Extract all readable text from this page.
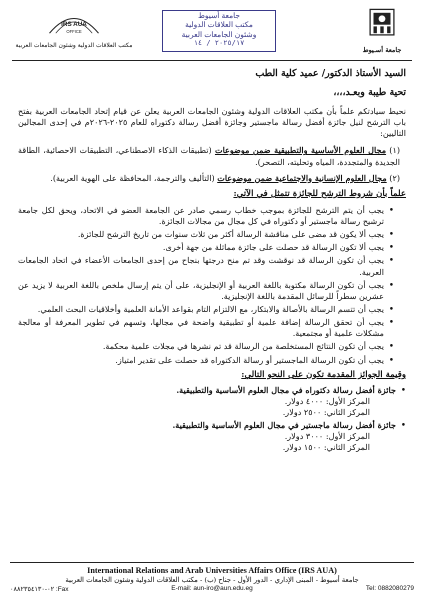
جامعة أسـيوط
جامعة أسيوط
مكتب العلاقات الدولية
وشئون الجامعات العربية
٢٠٢٥/١٧ / ١٤
IRS AUA
OFFICE
مكتب العلاقات الدولية وشئون الجامعات العربية
السيد الأستاذ الدكتور/ عميد كلية الطب
تحية طيبة وبعـد،،،،
نحيط سيادتكم علماً بأن مكتب العلاقات الدولية وشئون الجامعات العربية يعلن عن قيام إتحاد الجامعات العربية بفتح باب الترشح لنيل جائزة أفضل رسالة ماجستير وجائزة أفضل رسالة دكتوراه للعام ٢٠٢٥-٢٠٢٦م في إحدى المجالين التاليين:
(١) مجال العلوم الأساسية والتطبيقية ضمن موضوعات (تطبيقات الذكاء الاصطناعي، التطبيقات الاحصائية، الطاقة الجديدة والمتجددة، المياه وتحليته، التصحر).
(٢) مجال العلوم الإنسانية والاجتماعية ضمن موضوعات (التأليف والترجمة، المحافظة على الهوية العربية).
علماً بأن شروط الترشح للجائزة تتمثل في الآتي:
• يجب أن يتم الترشح للجائزة بموجب خطاب رسمي صادر عن الجامعة العضو في الاتحاد، ويحق لكل جامعة ترشيح رسالة ماجستير أو دكتوراه في كل مجال من مجالات الجائزة.
• يجب ألا يكون قد مضى على مناقشة الرسالة أكثر من ثلاث سنوات من تاريخ الترشح للجائزة.
• يجب ألا تكون الرسالة قد حصلت على جائزة مماثلة من جهة أخرى.
• يجب أن تكون الرسالة قد نوقشت وقد تم منح درجتها بنجاح من إحدى الجامعات الأعضاء في اتحاد الجامعات العربية.
• يجب أن تكون الرسالة مكتوبة باللغة العربية أو الإنجليزية، على أن يتم إرسال ملخص باللغة العربية لا يزيد عن عشرين سطراً للرسائل المقدمة باللغة الإنجليزية.
• يجب أن تتسم الرسالة بالأصالة والابتكار، مع الالتزام التام بقواعد الأمانة العلمية وأخلاقيات البحث العلمي.
• يجب أن تحقق الرسالة إضافة علمية أو تطبيقية واضحة في مجالها، وتسهم في تطوير المعرفة أو معالجة مشكلات علمية أو مجتمعية.
• يجب أن تكون النتائج المستخلصة من الرسالة قد تم نشرها في مجلات علمية محكمة.
• يجب أن تكون الرسالة الماجستير أو رسالة الدكتوراه قد حصلت على تقدير امتياز.
وقيمة الجوائز المقدمة تكون على النحو التالي:
• جائزة أفضل رسالة دكتوراه في مجال العلوم الأساسية والتطبيقية.
المركز الأول: ٤٠٠٠ دولار.
المركز الثاني: ٢٥٠٠ دولار.
• جائزة أفضل رسالة ماجستير في مجال العلوم الأساسية والتطبيقية.
المركز الأول: ٣٠٠٠ دولار.
المركز الثاني: ١٥٠٠ دولار.
International Relations and Arab Universities Affairs Office (IRS AUA)
جامعة أسيوط - المبنى الإداري - الدور الأول - جناح (ب) - مكتب العلاقات الدولية وشئون الجامعات العربية
Tel: 0882080279
E-mail: aun-iro@aun.edu.eg
Fax: ٠٢-٠٨٨٢٣٥٤١٣٠
